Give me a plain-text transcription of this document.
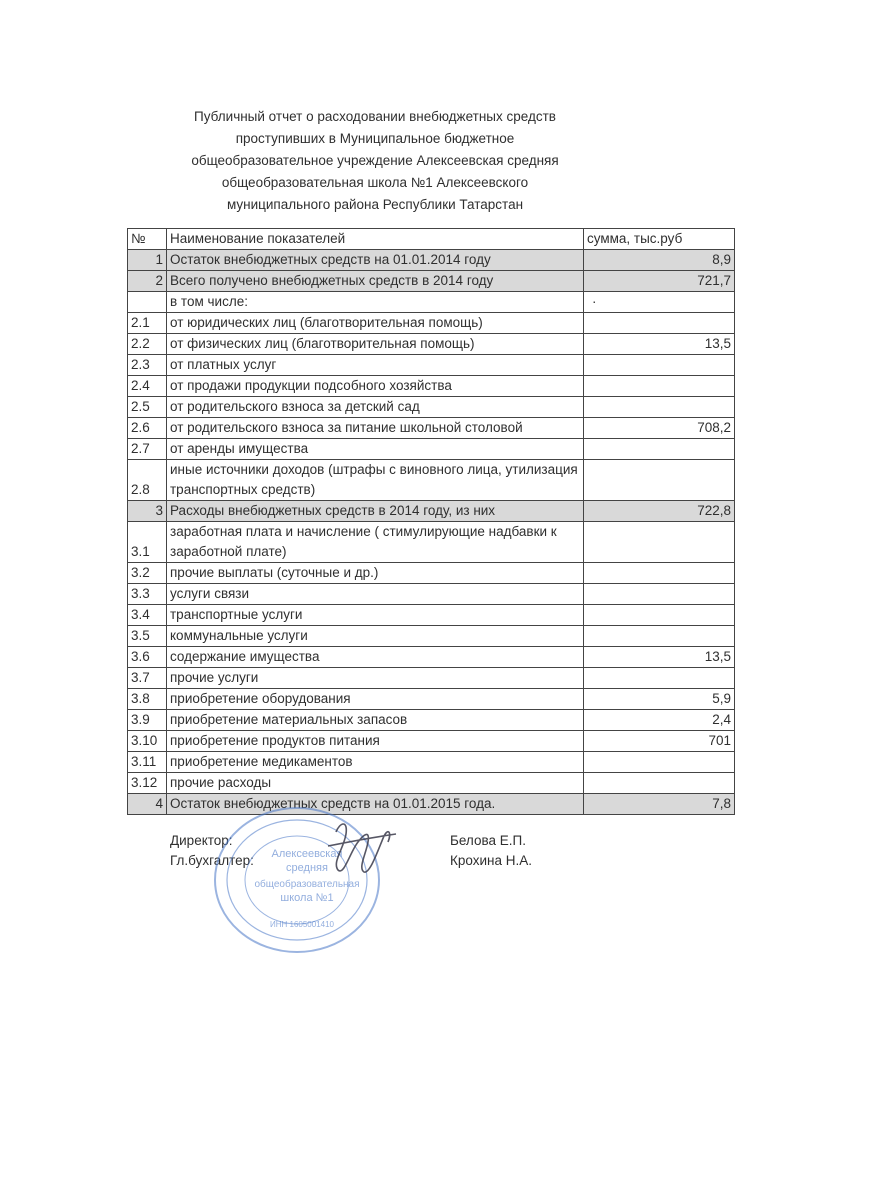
Публичный отчет о расходовании внебюджетных средств
проступивших в Муниципальное бюджетное
общеобразовательное учреждение Алексеевская средняя
общеобразовательная школа №1 Алексеевского
муниципального района Республики Татарстан
№	Наименование показателей	сумма, тыс.руб
1	Остаток внебюджетных средств на 01.01.2014 году	8,9
2	Всего получено внебюджетных средств в 2014 году	721,7
	в том числе:	·
2.1	от юридических лиц (благотворительная помощь)	
2.2	от физических лиц (благотворительная помощь)	13,5
2.3	от платных услуг	
2.4	от продажи продукции подсобного хозяйства	
2.5	от родительского взноса за детский сад	
2.6	от родительского взноса за питание школьной столовой	708,2
2.7	от аренды имущества	
2.8	иные источники доходов (штрафы с виновного лица, утилизация транспортных средств)	
3	Расходы внебюджетных средств в 2014 году, из них	722,8
3.1	заработная плата и начисление ( стимулирующие надбавки к заработной плате)	
3.2	прочие выплаты (суточные и др.)	
3.3	услуги связи	
3.4	транспортные услуги	
3.5	коммунальные услуги	
3.6	содержание имущества	13,5
3.7	прочие услуги	
3.8	приобретение оборудования	5,9
3.9	приобретение материальных запасов	2,4
3.10	приобретение продуктов питания	701
3.11	приобретение медикаментов	
3.12	прочие расходы	
4	Остаток внебюджетных средств на 01.01.2015 года.	7,8
Директор:	Белова Е.П.
Гл.бухгалтер:	Крохина Н.А.
Алексеевская
средняя
общеобразовательная
школа №1
ИНН 1605001410
